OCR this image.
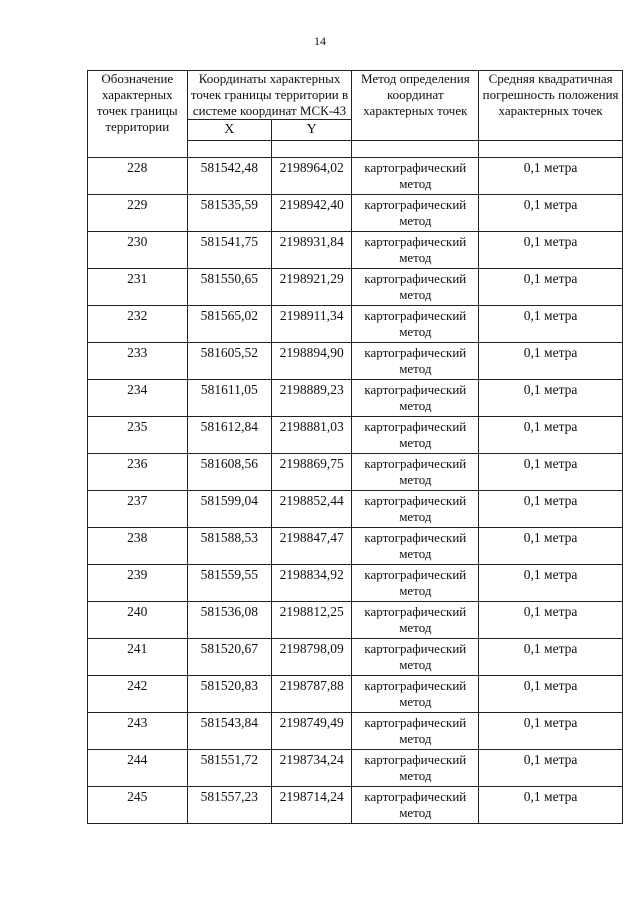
14
Обозначение характерных точек границы территории	Координаты характерных точек границы территории в системе координат МСК-43		Метод определения координат характерных точек	Средняя квадратичная погрешность положения характерных точек
	X	Y		

228	581542,48	2198964,02	картографический метод	0,1 метра
229	581535,59	2198942,40	картографический метод	0,1 метра
230	581541,75	2198931,84	картографический метод	0,1 метра
231	581550,65	2198921,29	картографический метод	0,1 метра
232	581565,02	2198911,34	картографический метод	0,1 метра
233	581605,52	2198894,90	картографический метод	0,1 метра
234	581611,05	2198889,23	картографический метод	0,1 метра
235	581612,84	2198881,03	картографический метод	0,1 метра
236	581608,56	2198869,75	картографический метод	0,1 метра
237	581599,04	2198852,44	картографический метод	0,1 метра
238	581588,53	2198847,47	картографический метод	0,1 метра
239	581559,55	2198834,92	картографический метод	0,1 метра
240	581536,08	2198812,25	картографический метод	0,1 метра
241	581520,67	2198798,09	картографический метод	0,1 метра
242	581520,83	2198787,88	картографический метод	0,1 метра
243	581543,84	2198749,49	картографический метод	0,1 метра
244	581551,72	2198734,24	картографический метод	0,1 метра
245	581557,23	2198714,24	картографический метод	0,1 метра
